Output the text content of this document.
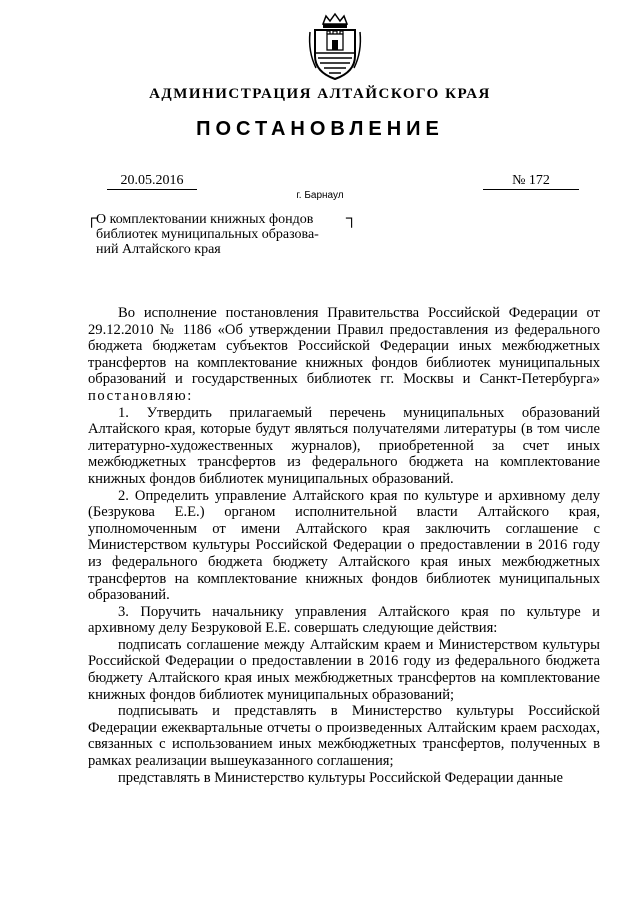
АДМИНИСТРАЦИЯ АЛТАЙСКОГО КРАЯ
ПОСТАНОВЛЕНИЕ
20.05.2016
г. Барнаул
№ 172
┌	┐
О комплектовании книжных фондов
библиотек муниципальных образова-
ний Алтайского края

Во исполнение постановления Правительства Российской Федерации от 29.12.2010 № 1186 «Об утверждении Правил предоставления из федерального бюджета бюджетам субъектов Российской Федерации иных межбюджетных трансфертов на комплектование книжных фондов библиотек муниципальных образований и государственных библиотек гг. Москвы и Санкт-Петербурга» постановляю:

1. Утвердить прилагаемый перечень муниципальных образований Алтайского края, которые будут являться получателями литературы (в том числе литературно-художественных журналов), приобретенной за счет иных межбюджетных трансфертов из федерального бюджета на комплектование книжных фондов библиотек муниципальных образований.

2. Определить управление Алтайского края по культуре и архивному делу (Безрукова Е.Е.) органом исполнительной власти Алтайского края, уполномоченным от имени Алтайского края заключить соглашение с Министерством культуры Российской Федерации о предоставлении в 2016 году из федерального бюджета бюджету Алтайского края иных межбюджетных трансфертов на комплектование книжных фондов библиотек муниципальных образований.

3. Поручить начальнику управления Алтайского края по культуре и архивному делу Безруковой Е.Е. совершать следующие действия:

подписать соглашение между Алтайским краем и Министерством культуры Российской Федерации о предоставлении в 2016 году из федерального бюджета бюджету Алтайского края иных межбюджетных трансфертов на комплектование книжных фондов библиотек муниципальных образований;

подписывать и представлять в Министерство культуры Российской Федерации ежеквартальные отчеты о произведенных Алтайским краем расходах, связанных с использованием иных межбюджетных трансфертов, полученных в рамках реализации вышеуказанного соглашения;

представлять в Министерство культуры Российской Федерации данные
